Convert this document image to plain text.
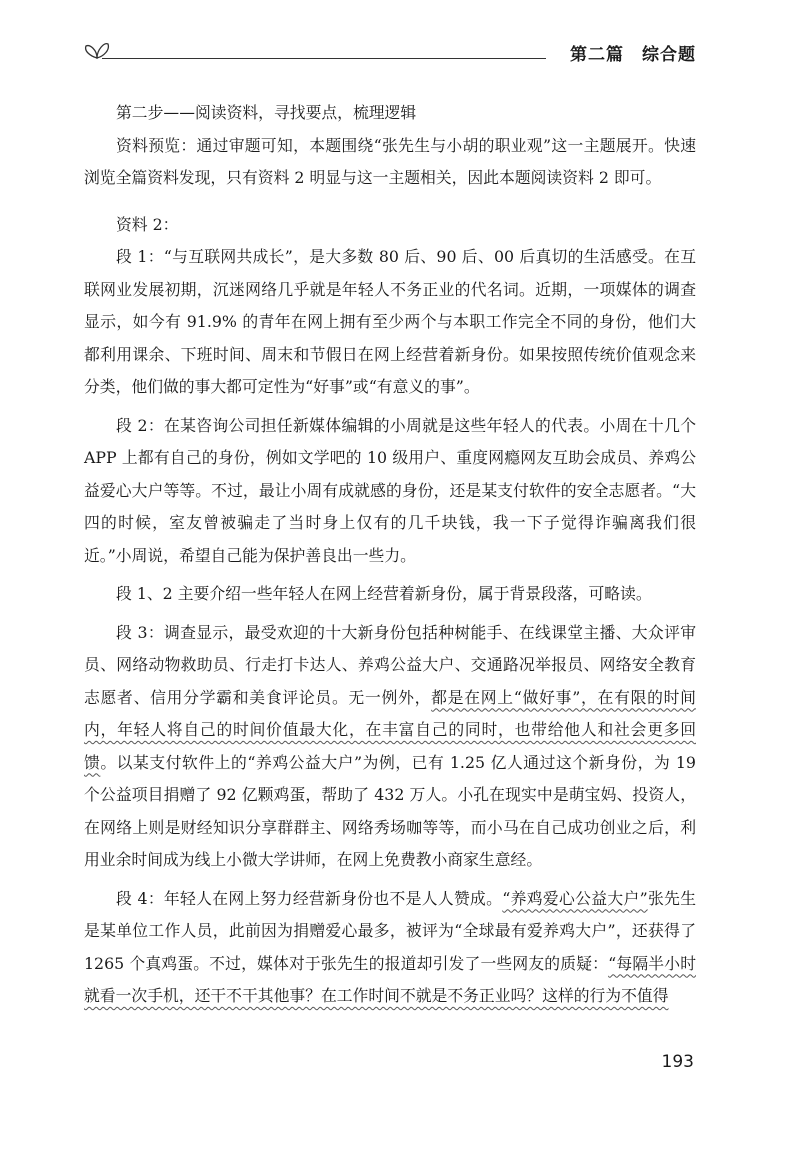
第二篇　综合题

第二步——阅读资料，寻找要点，梳理逻辑

资料预览：通过审题可知，本题围绕“张先生与小胡的职业观”这一主题展开。快速浏览全篇资料发现，只有资料 2 明显与这一主题相关，因此本题阅读资料 2 即可。

资料 2：

段 1：“与互联网共成长”，是大多数 80 后、90 后、00 后真切的生活感受。在互联网业发展初期，沉迷网络几乎就是年轻人不务正业的代名词。近期，一项媒体的调查显示，如今有 91.9% 的青年在网上拥有至少两个与本职工作完全不同的身份，他们大都利用课余、下班时间、周末和节假日在网上经营着新身份。如果按照传统价值观念来分类，他们做的事大都可定性为“好事”或“有意义的事”。

段 2：在某咨询公司担任新媒体编辑的小周就是这些年轻人的代表。小周在十几个 APP 上都有自己的身份，例如文学吧的 10 级用户、重度网瘾网友互助会成员、养鸡公益爱心大户等等。不过，最让小周有成就感的身份，还是某支付软件的安全志愿者。“大四的时候，室友曾被骗走了当时身上仅有的几千块钱，我一下子觉得诈骗离我们很近。”小周说，希望自己能为保护善良出一些力。

段 1、2 主要介绍一些年轻人在网上经营着新身份，属于背景段落，可略读。

段 3：调查显示，最受欢迎的十大新身份包括种树能手、在线课堂主播、大众评审员、网络动物救助员、行走打卡达人、养鸡公益大户、交通路况举报员、网络安全教育志愿者、信用分学霸和美食评论员。无一例外，都是在网上“做好事”，在有限的时间内，年轻人将自己的时间价值最大化，在丰富自己的同时，也带给他人和社会更多回馈。以某支付软件上的“养鸡公益大户”为例，已有 1.25 亿人通过这个新身份，为 19 个公益项目捐赠了 92 亿颗鸡蛋，帮助了 432 万人。小孔在现实中是萌宝妈、投资人，在网络上则是财经知识分享群群主、网络秀场咖等等，而小马在自己成功创业之后，利用业余时间成为线上小微大学讲师，在网上免费教小商家生意经。

段 4：年轻人在网上努力经营新身份也不是人人赞成。“养鸡爱心公益大户”张先生是某单位工作人员，此前因为捐赠爱心最多，被评为“全球最有爱养鸡大户”，还获得了 1265 个真鸡蛋。不过，媒体对于张先生的报道却引发了一些网友的质疑：“每隔半小时就看一次手机，还干不干其他事？在工作时间不就是不务正业吗？这样的行为不值得

193
